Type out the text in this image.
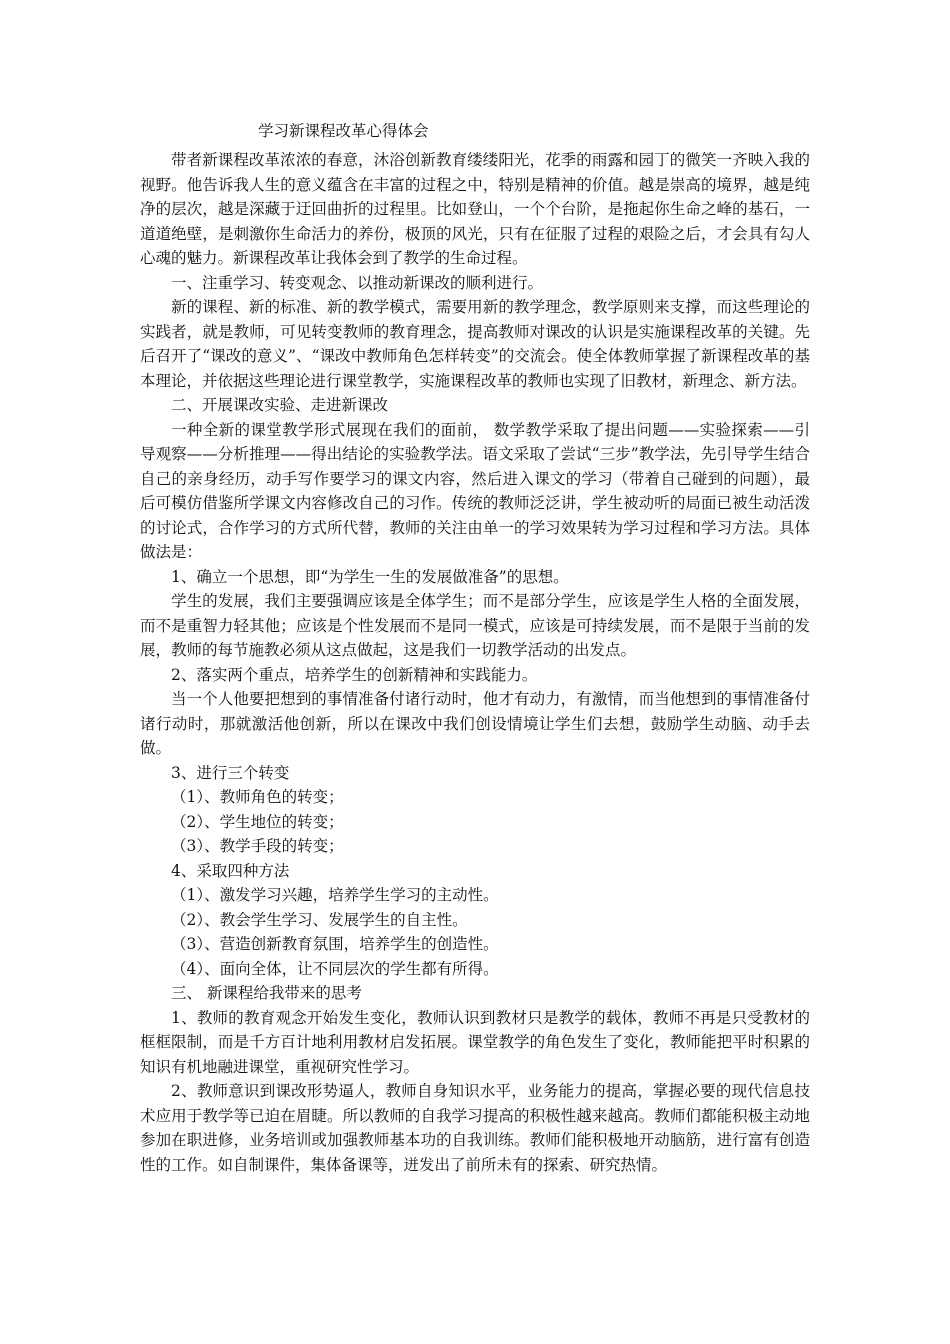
学习新课程改革心得体会

带者新课程改革浓浓的春意，沐浴创新教育缕缕阳光，花季的雨露和园丁的微笑一齐映入我的视野。他告诉我人生的意义蕴含在丰富的过程之中，特别是精神的价值。越是崇高的境界，越是纯净的层次，越是深藏于迂回曲折的过程里。比如登山，一个个台阶，是拖起你生命之峰的基石，一道道绝壁，是刺激你生命活力的养份，极顶的风光，只有在征服了过程的艰险之后，才会具有勾人心魂的魅力。新课程改革让我体会到了教学的生命过程。

一、注重学习、转变观念、以推动新课改的顺利进行。

新的课程、新的标准、新的教学模式，需要用新的教学理念，教学原则来支撑，而这些理论的实践者，就是教师，可见转变教师的教育理念，提高教师对课改的认识是实施课程改革的关键。先后召开了“课改的意义”、“课改中教师角色怎样转变”的交流会。使全体教师掌握了新课程改革的基本理论，并依据这些理论进行课堂教学，实施课程改革的教师也实现了旧教材，新理念、新方法。

二、开展课改实验、走进新课改

一种全新的课堂教学形式展现在我们的面前， 数学教学采取了提出问题——实验探索——引导观察——分析推理——得出结论的实验教学法。语文采取了尝试“三步”教学法，先引导学生结合自己的亲身经历，动手写作要学习的课文内容，然后进入课文的学习（带着自己碰到的问题），最后可模仿借鉴所学课文内容修改自己的习作。传统的教师泛泛讲，学生被动听的局面已被生动活泼的讨论式，合作学习的方式所代替，教师的关注由单一的学习效果转为学习过程和学习方法。具体做法是：

1、确立一个思想，即“为学生一生的发展做准备”的思想。

学生的发展，我们主要强调应该是全体学生；而不是部分学生，应该是学生人格的全面发展，而不是重智力轻其他；应该是个性发展而不是同一模式，应该是可持续发展，而不是限于当前的发展，教师的每节施教必须从这点做起，这是我们一切教学活动的出发点。

2、落实两个重点，培养学生的创新精神和实践能力。

当一个人他要把想到的事情准备付诸行动时，他才有动力，有激情，而当他想到的事情准备付诸行动时，那就激活他创新，所以在课改中我们创设情境让学生们去想，鼓励学生动脑、动手去做。

3、进行三个转变

（1）、教师角色的转变；

（2）、学生地位的转变；

（3）、教学手段的转变；

4、采取四种方法

（1）、激发学习兴趣，培养学生学习的主动性。

（2）、教会学生学习、发展学生的自主性。

（3）、营造创新教育氛围，培养学生的创造性。

（4）、面向全体，让不同层次的学生都有所得。

三、 新课程给我带来的思考

1、教师的教育观念开始发生变化，教师认识到教材只是教学的载体，教师不再是只受教材的框框限制，而是千方百计地利用教材启发拓展。课堂教学的角色发生了变化，教师能把平时积累的知识有机地融进课堂，重视研究性学习。

2、教师意识到课改形势逼人，教师自身知识水平，业务能力的提高，掌握必要的现代信息技术应用于教学等已迫在眉睫。所以教师的自我学习提高的积极性越来越高。教师们都能积极主动地参加在职进修，业务培训或加强教师基本功的自我训练。教师们能积极地开动脑筋，进行富有创造性的工作。如自制课件，集体备课等，迸发出了前所未有的探索、研究热情。
